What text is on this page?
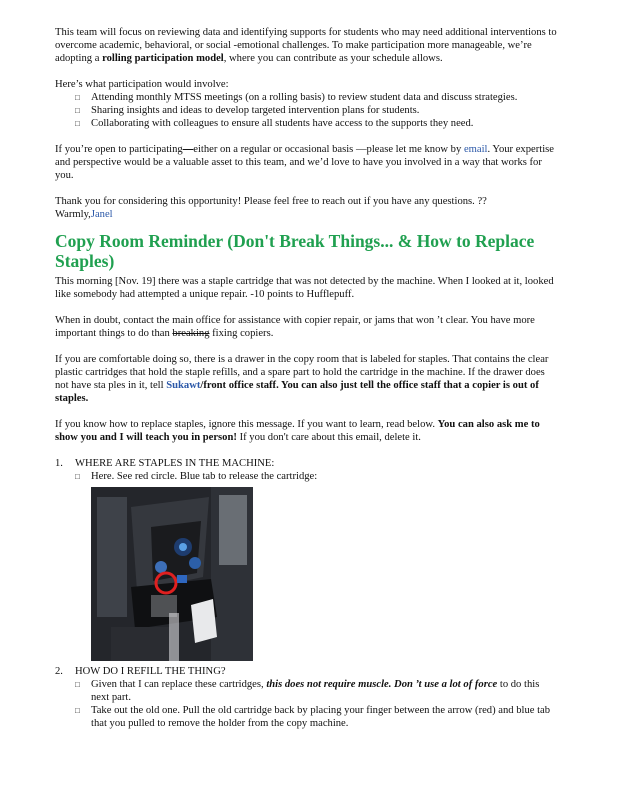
This team will focus on reviewing data and identifying supports for students who may need additional interventions to overcome academic, behavioral, or social -emotional challenges. To make participation more manageable, we’re adopting a rolling participation model, where you can contribute as your schedule allows.

Here’s what participation would involve:

□ Attending monthly MTSS meetings (on a rolling basis) to review student data and discuss strategies.
□ Sharing insights and ideas to develop targeted intervention plans for students.
□ Collaborating with colleagues to ensure all students have access to the supports they need.

If you’re open to participating—either on a regular or occasional basis —please let me know by email. Your expertise and perspective would be a valuable asset to this team, and we’d love to have you involved in a way that works for you.

Thank you for considering this opportunity! Please feel free to reach out if you have any questions. ??

Warmly,Janel

Copy Room Reminder (Don't Break Things... & How to Replace Staples)

This morning [Nov. 19] there was a staple cartridge that was not detected by the machine. When I looked at it, looked like somebody had attempted a unique repair. -10 points to Hufflepuff.

When in doubt, contact the main office for assistance with copier repair, or jams that won ’t clear. You have more important things to do than breaking fixing copiers.

If you are comfortable doing so, there is a drawer in the copy room that is labeled for staples. That contains the clear plastic cartridges that hold the staple refills, and a spare part to hold the cartridge in the machine. If the drawer does not have sta ples in it, tell Sukawt/front office staff. You can also just tell the office staff that a copier is out of staples.

If you know how to replace staples, ignore this message. If you want to learn, read below. You can also ask me to show you and I will teach you in person! If you don't care about this email, delete it.

1.	WHERE ARE STAPLES IN THE MACHINE:
□ Here. See red circle. Blue tab to release the cartridge:
2.	HOW DO I REFILL THE THING?
□ Given that I can replace these cartridges, this does not require muscle. Don ’t use a lot of force to do this next part.
□ Take out the old one. Pull the old cartridge back by placing your finger between the arrow (red) and blue tab that you pulled to remove the holder from the copy machine.
